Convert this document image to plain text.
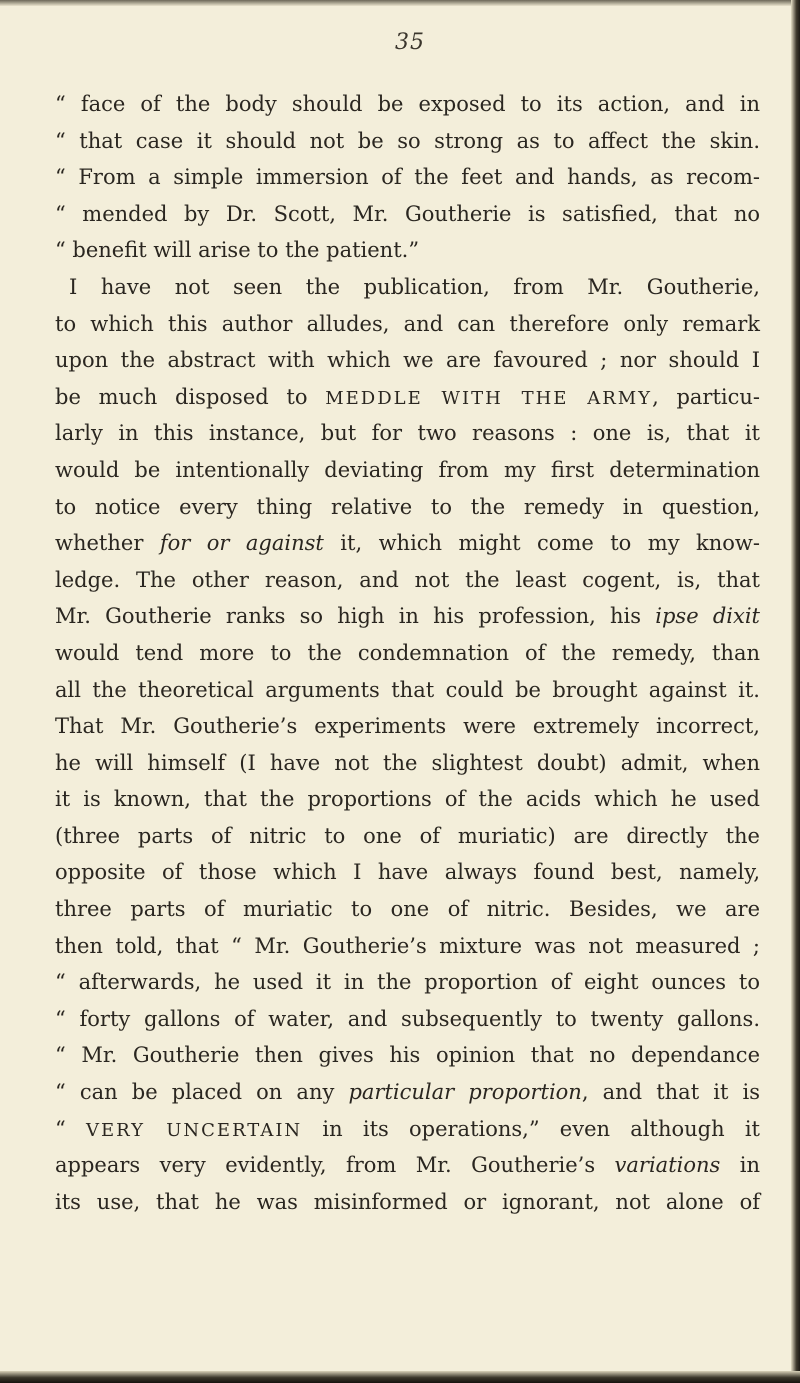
35
“ face of the body should be exposed to its action, and in
“ that case it should not be so strong as to affect the skin.
“ From a simple immersion of the feet and hands, as recom-
“ mended by Dr. Scott, Mr. Goutherie is satisfied, that no
“ benefit will arise to the patient.”
I have not seen the publication, from Mr. Goutherie,
to which this author alludes, and can therefore only remark
upon the abstract with which we are favoured ; nor should I
be much disposed to MEDDLE WITH THE ARMY, particu-
larly in this instance, but for two reasons : one is, that it
would be intentionally deviating from my first determination
to notice every thing relative to the remedy in question,
whether for or against it, which might come to my know-
ledge. The other reason, and not the least cogent, is, that
Mr. Goutherie ranks so high in his profession, his ipse dixit
would tend more to the condemnation of the remedy, than
all the theoretical arguments that could be brought against it.
That Mr. Goutherie’s experiments were extremely incorrect,
he will himself (I have not the slightest doubt) admit, when
it is known, that the proportions of the acids which he used
(three parts of nitric to one of muriatic) are directly the
opposite of those which I have always found best, namely,
three parts of muriatic to one of nitric. Besides, we are
then told, that “ Mr. Goutherie’s mixture was not measured ;
“ afterwards, he used it in the proportion of eight ounces to
“ forty gallons of water, and subsequently to twenty gallons.
“ Mr. Goutherie then gives his opinion that no dependance
“ can be placed on any particular proportion, and that it is
“ VERY UNCERTAIN in its operations,” even although it
appears very evidently, from Mr. Goutherie’s variations in
its use, that he was misinformed or ignorant, not alone of
